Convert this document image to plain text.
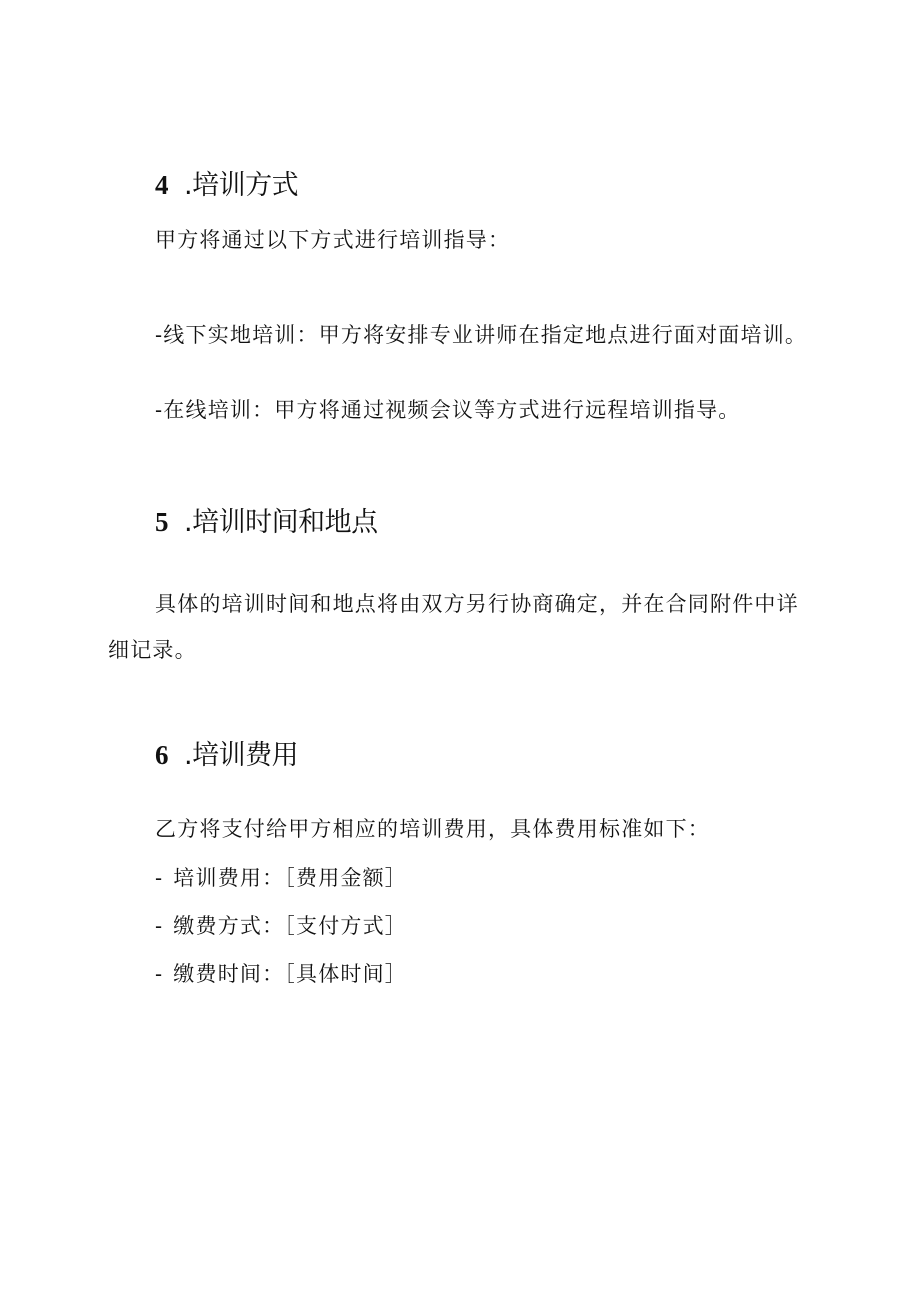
4 .培训方式
甲方将通过以下方式进行培训指导：
-线下实地培训：甲方将安排专业讲师在指定地点进行面对面培训。
-在线培训：甲方将通过视频会议等方式进行远程培训指导。
5 .培训时间和地点
具体的培训时间和地点将由双方另行协商确定，并在合同附件中详细记录。
6 .培训费用
乙方将支付给甲方相应的培训费用，具体费用标准如下：
- 培训费用：［费用金额］
- 缴费方式：［支付方式］
- 缴费时间：［具体时间］
